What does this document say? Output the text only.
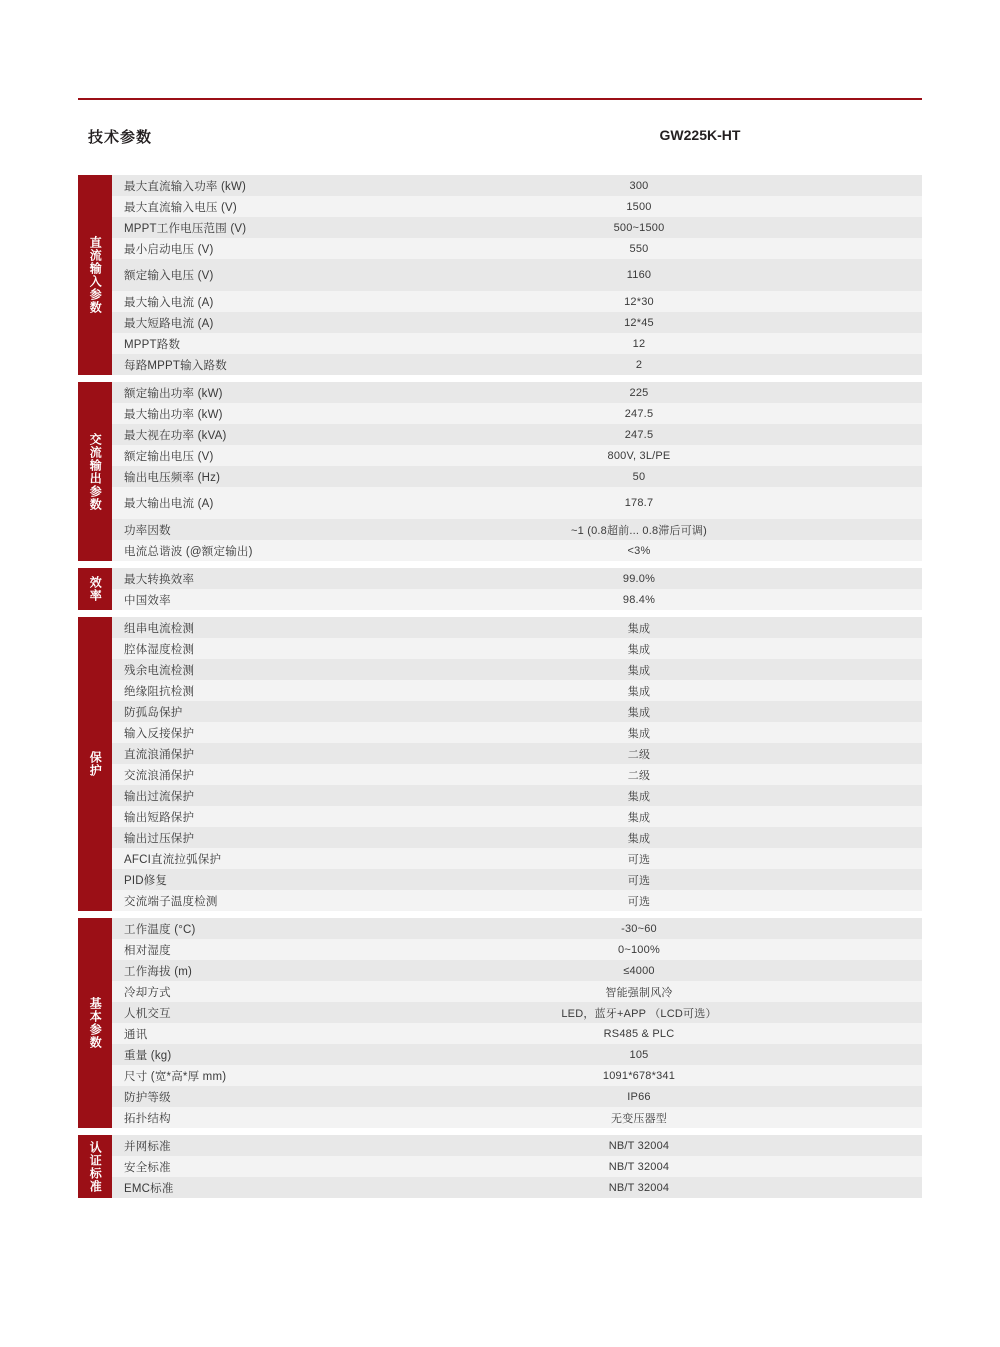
技术参数	GW225K-HT
直流输入参数
最大直流输入功率 (kW)	300
最大直流输入电压 (V)	1500
MPPT工作电压范围 (V)	500~1500
最小启动电压 (V)	550
额定输入电压 (V)	1160
最大输入电流 (A)	12*30
最大短路电流 (A)	12*45
MPPT路数	12
每路MPPT输入路数	2
交流输出参数
额定输出功率 (kW)	225
最大输出功率 (kW)	247.5
最大视在功率 (kVA)	247.5
额定输出电压 (V)	800V, 3L/PE
输出电压频率 (Hz)	50
最大输出电流 (A)	178.7
功率因数	~1 (0.8超前... 0.8滞后可调)
电流总谐波 (@额定输出)	<3%
效率	最大转换效率	99.0%
中国效率	98.4%
保护
组串电流检测	集成
腔体湿度检测	集成
残余电流检测	集成
绝缘阻抗检测	集成
防孤岛保护	集成
输入反接保护	集成
直流浪涌保护	二级
交流浪涌保护	二级
输出过流保护	集成
输出短路保护	集成
输出过压保护	集成
AFCI直流拉弧保护	可选
PID修复	可选
交流端子温度检测	可选
基本参数
工作温度 (°C)	-30~60
相对湿度	0~100%
工作海拔 (m)	≤4000
冷却方式	智能强制风冷
人机交互	LED，蓝牙+APP （LCD可选）
通讯	RS485 & PLC
重量 (kg)	105
尺寸 (宽*高*厚 mm)	1091*678*341
防护等级	IP66
拓扑结构	无变压器型
认证标准	并网标准	NB/T 32004
安全标准	NB/T 32004
EMC标准	NB/T 32004
